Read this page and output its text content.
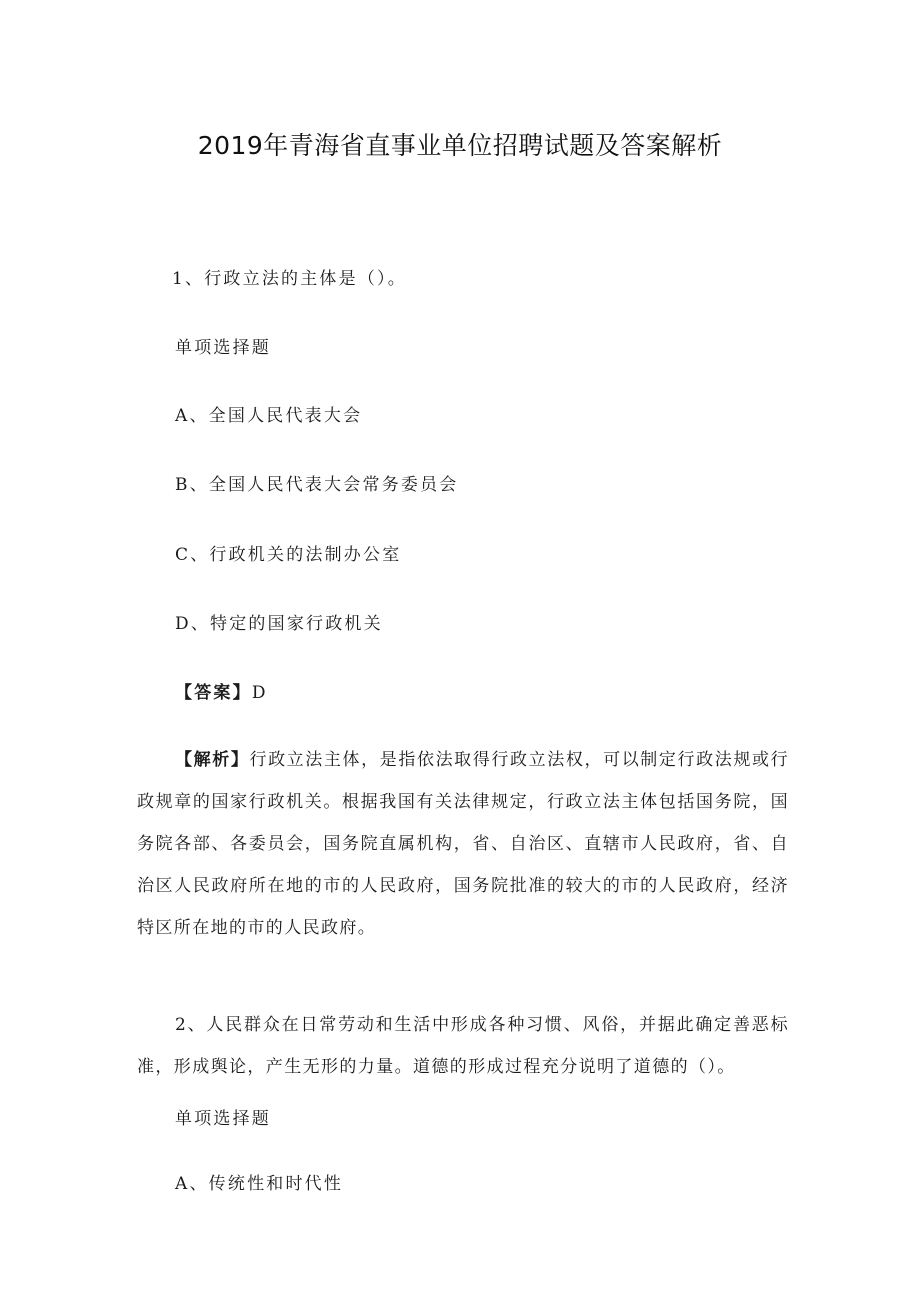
2019年青海省直事业单位招聘试题及答案解析
1、行政立法的主体是（）。
单项选择题
A、全国人民代表大会
B、全国人民代表大会常务委员会
C、行政机关的法制办公室
D、特定的国家行政机关
【答案】D
【解析】行政立法主体，是指依法取得行政立法权，可以制定行政法规或行政规章的国家行政机关。根据我国有关法律规定，行政立法主体包括国务院，国务院各部、各委员会，国务院直属机构，省、自治区、直辖市人民政府，省、自治区人民政府所在地的市的人民政府，国务院批准的较大的市的人民政府，经济特区所在地的市的人民政府。
2、人民群众在日常劳动和生活中形成各种习惯、风俗，并据此确定善恶标准，形成舆论，产生无形的力量。道德的形成过程充分说明了道德的（）。
单项选择题
A、传统性和时代性
